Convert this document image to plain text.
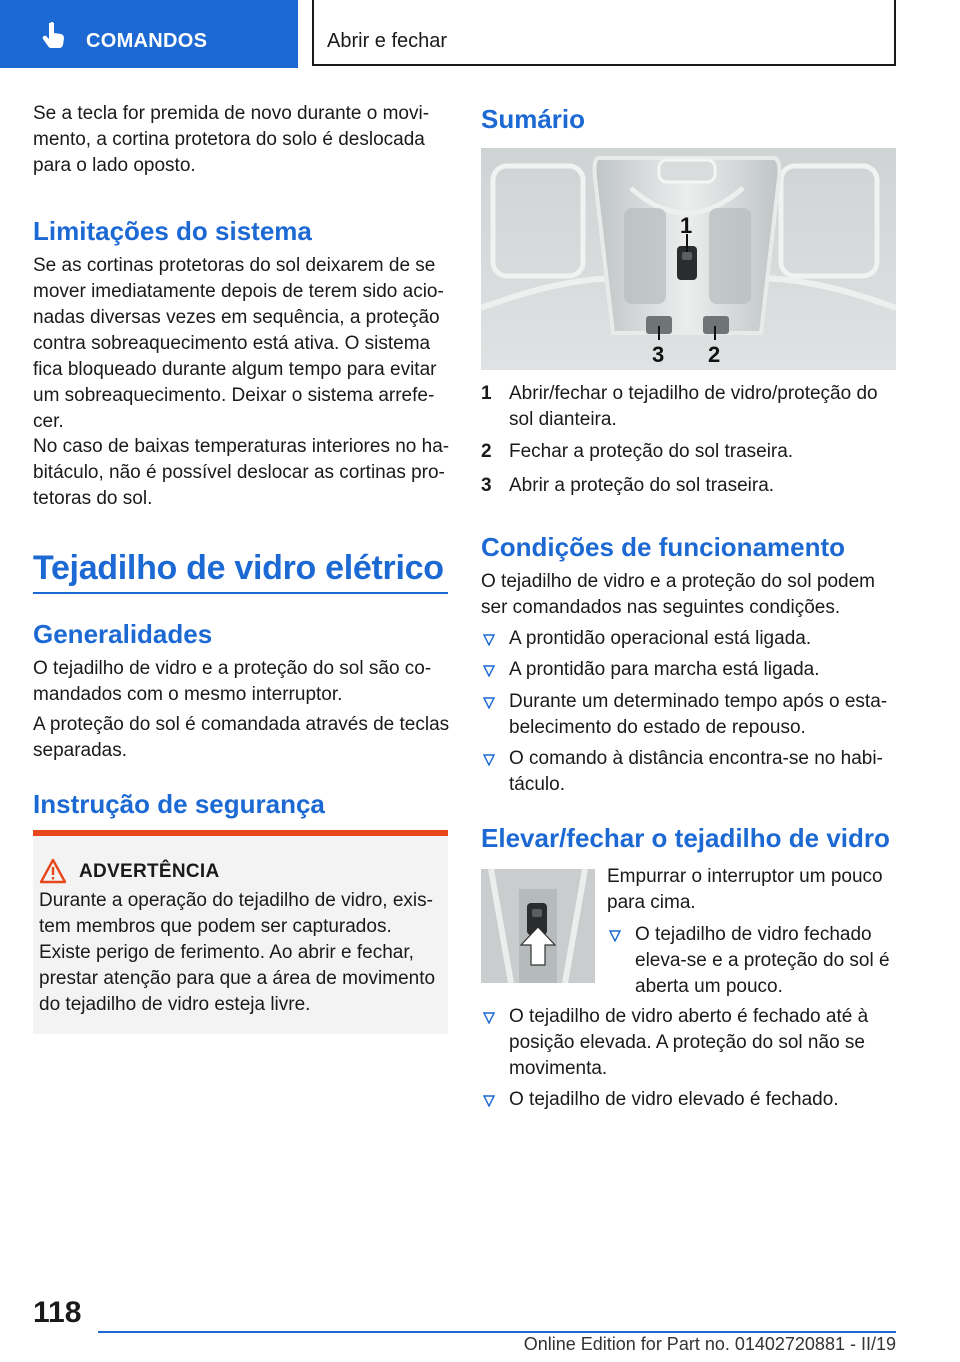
COMANDOS	Abrir e fechar

Se a tecla for premida de novo durante o movi-
mento, a cortina protetora do solo é deslocada
para o lado oposto.

Limitações do sistema

Se as cortinas protetoras do sol deixarem de se
mover imediatamente depois de terem sido acio-
nadas diversas vezes em sequência, a proteção
contra sobreaquecimento está ativa. O sistema
fica bloqueado durante algum tempo para evitar
um sobreaquecimento. Deixar o sistema arrefe-
cer.

No caso de baixas temperaturas interiores no ha-
bitáculo, não é possível deslocar as cortinas pro-
tetoras do sol.

Tejadilho de vidro elétrico
Generalidades

O tejadilho de vidro e a proteção do sol são co-
mandados com o mesmo interruptor.

A proteção do sol é comandada através de teclas
separadas.

Instrução de segurança
ADVERTÊNCIA

Durante a operação do tejadilho de vidro, exis-
tem membros que podem ser capturados.
Existe perigo de ferimento. Ao abrir e fechar,
prestar atenção para que a área de movimento
do tejadilho de vidro esteja livre.

Sumário
1
3 2
1 Abrir/fechar o tejadilho de vidro/proteção do
sol dianteira.
2 Fechar a proteção do sol traseira.
3 Abrir a proteção do sol traseira.
Condições de funcionamento

O tejadilho de vidro e a proteção do sol podem
ser comandados nas seguintes condições.

A prontidão operacional está ligada.
A prontidão para marcha está ligada.
Durante um determinado tempo após o esta-
belecimento do estado de repouso.
O comando à distância encontra-se no habi-
táculo.
Elevar/fechar o tejadilho de vidro

Empurrar o interruptor um pouco
para cima.

O tejadilho de vidro fechado
eleva-se e a proteção do sol é
aberta um pouco.
O tejadilho de vidro aberto é fechado até à
posição elevada. A proteção do sol não se
movimenta.
O tejadilho de vidro elevado é fechado.
118
Online Edition for Part no. 01402720881 - II/19
